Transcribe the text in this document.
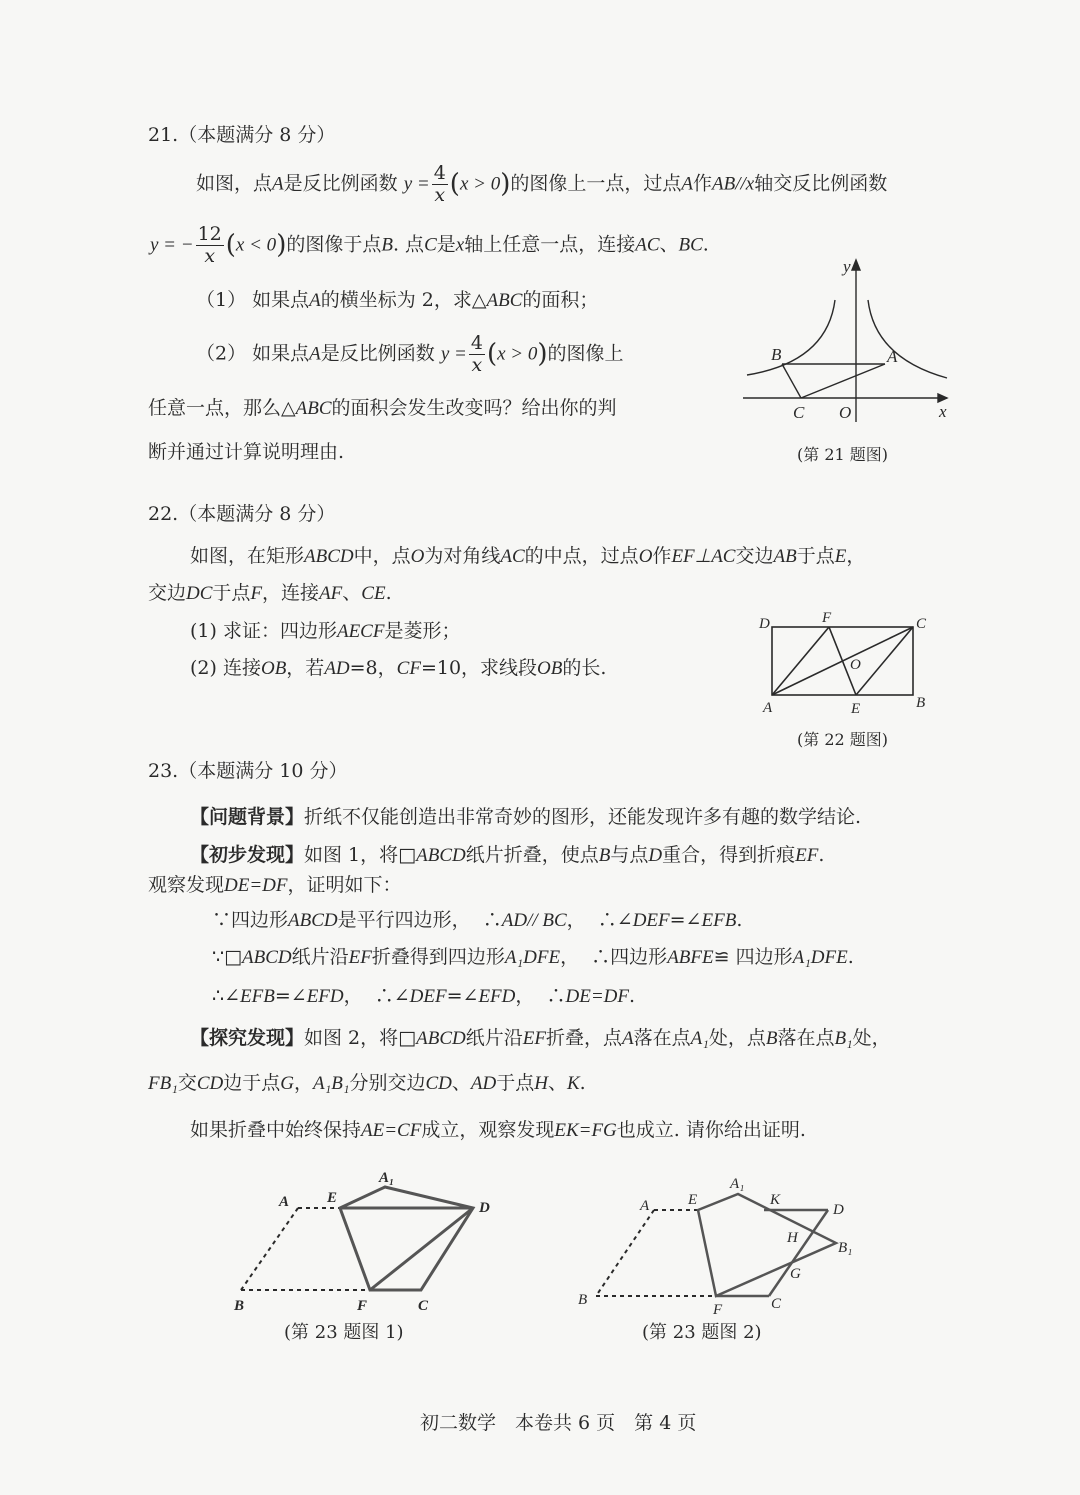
21.（本题满分 8 分）
如图，点A是反比例函数 $y = \frac{4}{x} (x > 0)$的图像上一点，过点A作AB//x轴交反比例函数
y = − $\frac{12}{x} (x < 0)$的图像于点B. 点C是x轴上任意一点，连接AC、BC.
（1） 如果点A的横坐标为 2，求△ABC的面积；
（2） 如果点A是反比例函数 $y = \frac{4}{x} (x > 0)$的图像上
任意一点，那么△ABC的面积会发生改变吗？给出你的判
断并通过计算说明理由.
y
x
B	A
C O
(第 21 题图)
22.（本题满分 8 分）
如图，在矩形ABCD中，点O为对角线AC的中点，过点O作EF⊥AC交边AB于点E，
交边DC于点F，连接AF、CE.
(1) 求证：四边形AECF是菱形；
(2) 连接OB，若AD=8，CF=10，求线段OB的长.
D	F	C
O
A	E	B
(第 22 题图)
23.（本题满分 10 分）
【问题背景】折纸不仅能创造出非常奇妙的图形，还能发现许多有趣的数学结论.
【初步发现】如图 1，将□ABCD纸片折叠，使点B与点D重合，得到折痕EF.
观察发现DE=DF，证明如下：
∵四边形ABCD是平行四边形， ∴AD// BC， ∴∠DEF=∠EFB.
∵□ABCD纸片沿EF折叠得到四边形A₁DFE， ∴四边形ABFE≌ 四边形A₁DFE.
∴∠EFB=∠EFD， ∴∠DEF=∠EFD， ∴DE=DF.
【探究发现】如图 2，将□ABCD纸片沿EF折叠，点A落在点A₁处，点B落在点B₁处，
FB₁交CD边于点G，A₁B₁分别交边CD、AD于点H、K.
如果折叠中始终保持AE=CF成立，观察发现EK=FG也成立. 请你给出证明.
A₁
A	E
D
B	F	C
(第 23 题图 1)
A₁
A	E	K
D
H
B₁
G
B
F	C
(第 23 题图 2)
初二数学　本卷共 6 页　第 4 页
